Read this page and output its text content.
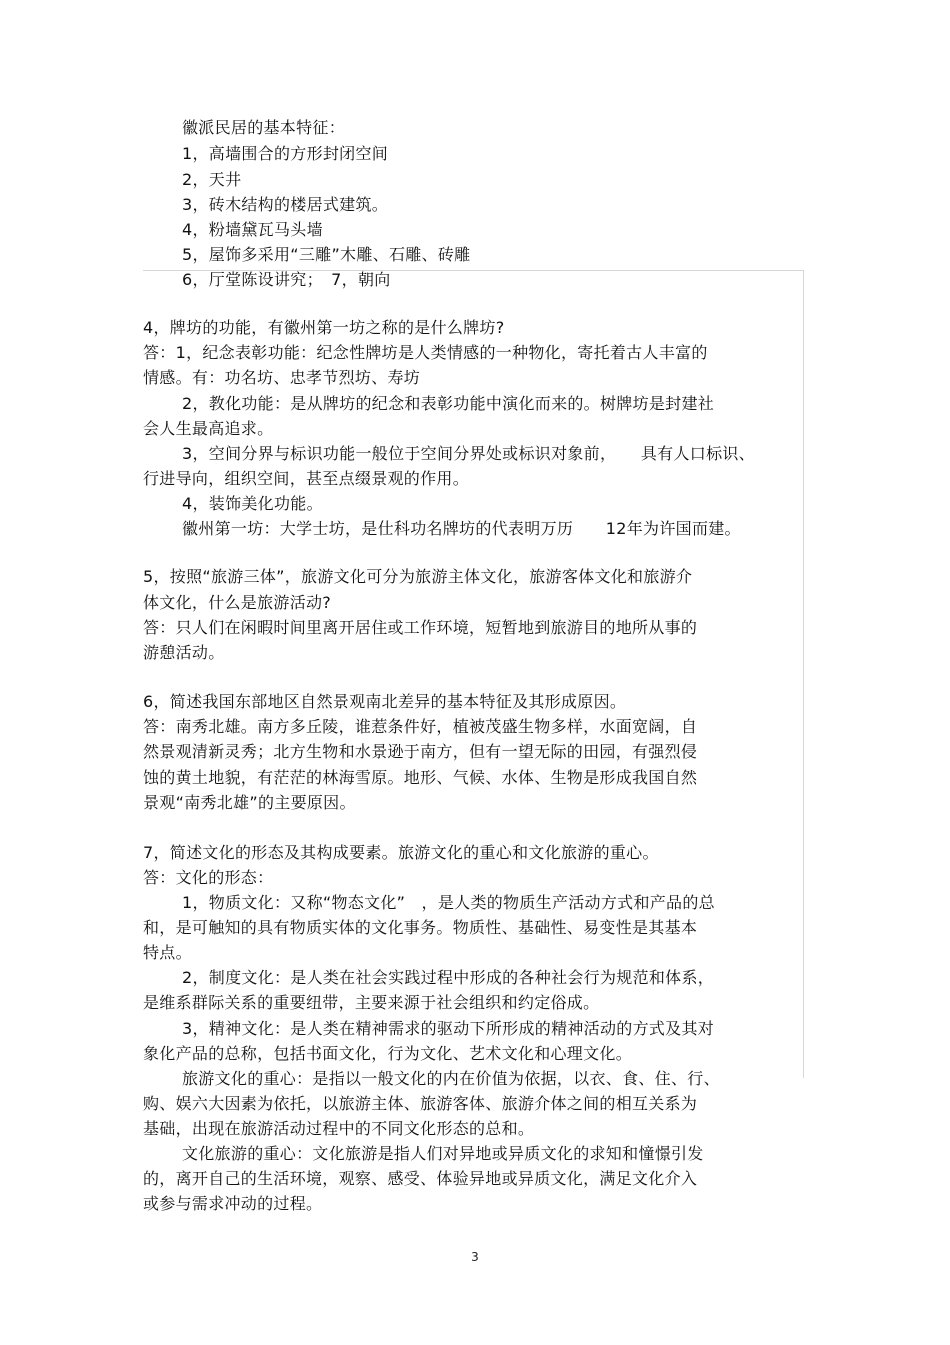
徽派民居的基本特征：
1，高墙围合的方形封闭空间
2，天井
3，砖木结构的楼居式建筑。
4，粉墙黛瓦马头墙
5，屋饰多采用“三雕”木雕、石雕、砖雕
6，厅堂陈设讲究；　7，朝向
4，牌坊的功能，有徽州第一坊之称的是什么牌坊?
答：1，纪念表彰功能：纪念性牌坊是人类情感的一种物化，寄托着古人丰富的
情感。有：功名坊、忠孝节烈坊、寿坊
2，教化功能：是从牌坊的纪念和表彰功能中演化而来的。树牌坊是封建社
会人生最高追求。
3，空间分界与标识功能一般位于空间分界处或标识对象前，　　具有人口标识、
行进导向，组织空间，甚至点缀景观的作用。
4，装饰美化功能。
徽州第一坊：大学士坊，是仕科功名牌坊的代表明万历　　12年为许国而建。
5，按照“旅游三体”，旅游文化可分为旅游主体文化，旅游客体文化和旅游介
体文化，什么是旅游活动?
答：只人们在闲暇时间里离开居住或工作环境，短暂地到旅游目的地所从事的
游憩活动。
6，简述我国东部地区自然景观南北差异的基本特征及其形成原因。
答：南秀北雄。南方多丘陵，谁惹条件好，植被茂盛生物多样，水面宽阔，自
然景观清新灵秀；北方生物和水景逊于南方，但有一望无际的田园，有强烈侵
蚀的黄土地貌，有茫茫的林海雪原。地形、气候、水体、生物是形成我国自然
景观“南秀北雄”的主要原因。
7，简述文化的形态及其构成要素。旅游文化的重心和文化旅游的重心。
答：文化的形态：
1，物质文化：又称“物态文化”　，是人类的物质生产活动方式和产品的总
和，是可触知的具有物质实体的文化事务。物质性、基础性、易变性是其基本
特点。
2，制度文化：是人类在社会实践过程中形成的各种社会行为规范和体系，
是维系群际关系的重要纽带，主要来源于社会组织和约定俗成。
3，精神文化：是人类在精神需求的驱动下所形成的精神活动的方式及其对
象化产品的总称，包括书面文化，行为文化、艺术文化和心理文化。
旅游文化的重心：是指以一般文化的内在价值为依据，以衣、食、住、行、
购、娱六大因素为依托，以旅游主体、旅游客体、旅游介体之间的相互关系为
基础，出现在旅游活动过程中的不同文化形态的总和。
文化旅游的重心：文化旅游是指人们对异地或异质文化的求知和憧憬引发
的，离开自己的生活环境，观察、感受、体验异地或异质文化，满足文化介入
或参与需求冲动的过程。
3
